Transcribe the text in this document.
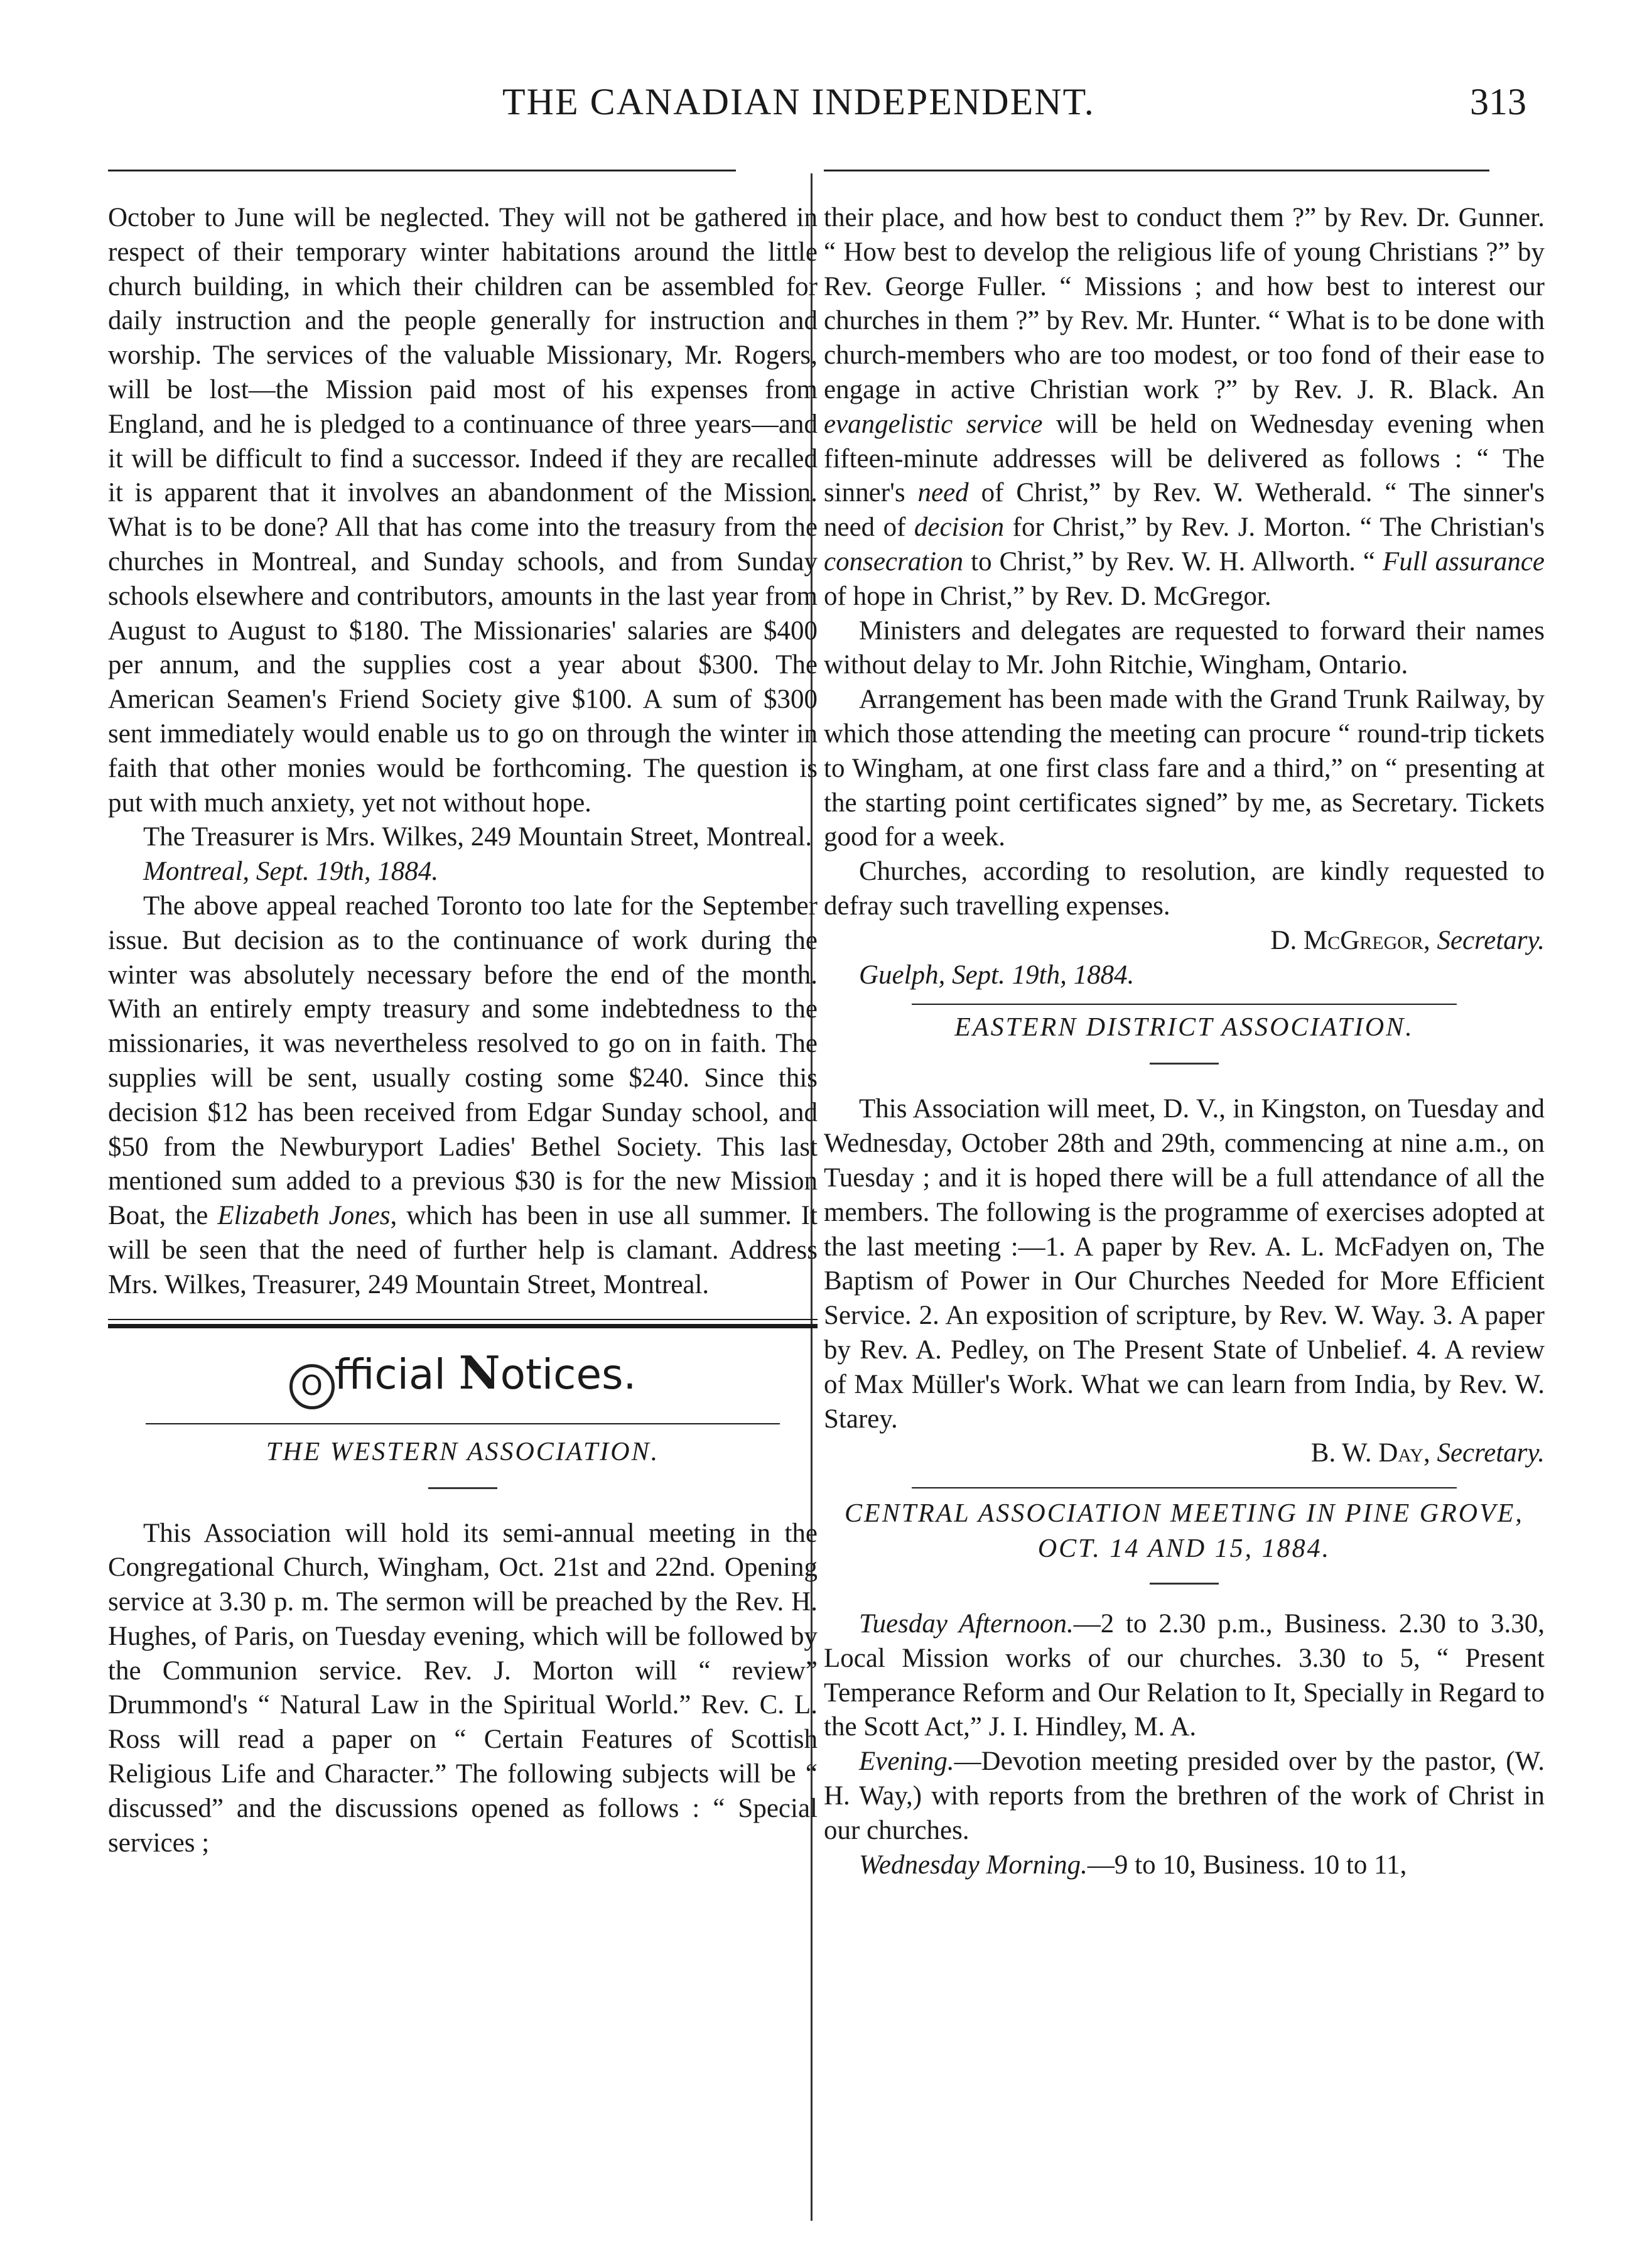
THE CANADIAN INDEPENDENT.	313

October to June will be neglected. They will not be gathered in respect of their temporary winter habitations around the little church building, in which their children can be assembled for daily instruction and the people generally for instruction and worship. The services of the valuable Missionary, Mr. Rogers, will be lost—the Mission paid most of his expenses from England, and he is pledged to a continuance of three years—and it will be difficult to find a successor. Indeed if they are recalled it is apparent that it involves an abandonment of the Mission. What is to be done? All that has come into the treasury from the churches in Montreal, and Sunday schools, and from Sunday schools elsewhere and contributors, amounts in the last year from August to August to $180. The Missionaries' salaries are $400 per annum, and the supplies cost a year about $300. The American Seamen's Friend Society give $100. A sum of $300 sent immediately would enable us to go on through the winter in faith that other monies would be forthcoming. The question is put with much anxiety, yet not without hope.

The Treasurer is Mrs. Wilkes, 249 Mountain Street, Montreal.

Montreal, Sept. 19th, 1884.

The above appeal reached Toronto too late for the September issue. But decision as to the continuance of work during the winter was absolutely necessary before the end of the month. With an entirely empty treasury and some indebtedness to the missionaries, it was nevertheless resolved to go on in faith. The supplies will be sent, usually costing some $240. Since this decision $12 has been received from Edgar Sunday school, and $50 from the Newburyport Ladies' Bethel Society. This last mentioned sum added to a previous $30 is for the new Mission Boat, the Elizabeth Jones, which has been in use all summer. It will be seen that the need of further help is clamant. Address Mrs. Wilkes, Treasurer, 249 Mountain Street, Montreal.

O fficial Notices.

THE WESTERN ASSOCIATION.

This Association will hold its semi-annual meeting in the Congregational Church, Wingham, Oct. 21st and 22nd. Opening service at 3.30 p. m. The sermon will be preached by the Rev. H. Hughes, of Paris, on Tuesday evening, which will be followed by the Communion service. Rev. J. Morton will “ review” Drummond's “ Natural Law in the Spiritual World.” Rev. C. L. Ross will read a paper on “ Certain Features of Scottish Religious Life and Character.” The following subjects will be “ discussed” and the discussions opened as follows : “ Special services ;

their place, and how best to conduct them ?” by Rev. Dr. Gunner. “ How best to develop the religious life of young Christians ?” by Rev. George Fuller. “ Missions ; and how best to interest our churches in them ?” by Rev. Mr. Hunter. “ What is to be done with church-members who are too modest, or too fond of their ease to engage in active Christian work ?” by Rev. J. R. Black. An evangelistic service will be held on Wednesday evening when fifteen-minute addresses will be delivered as follows : “ The sinner's need of Christ,” by Rev. W. Wetherald. “ The sinner's need of decision for Christ,” by Rev. J. Morton. “ The Christian's consecration to Christ,” by Rev. W. H. Allworth. “ Full assurance of hope in Christ,” by Rev. D. McGregor.

Ministers and delegates are requested to forward their names without delay to Mr. John Ritchie, Wingham, Ontario.

Arrangement has been made with the Grand Trunk Railway, by which those attending the meeting can procure “ round-trip tickets to Wingham, at one first class fare and a third,” on “ presenting at the starting point certificates signed” by me, as Secretary. Tickets good for a week.

Churches, according to resolution, are kindly requested to defray such travelling expenses.

D. McGregor, Secretary.

Guelph, Sept. 19th, 1884.

EASTERN DISTRICT ASSOCIATION.

This Association will meet, D. V., in Kingston, on Tuesday and Wednesday, October 28th and 29th, commencing at nine a.m., on Tuesday ; and it is hoped there will be a full attendance of all the members. The following is the programme of exercises adopted at the last meeting :—1. A paper by Rev. A. L. McFadyen on, The Baptism of Power in Our Churches Needed for More Efficient Service. 2. An exposition of scripture, by Rev. W. Way. 3. A paper by Rev. A. Pedley, on The Present State of Unbelief. 4. A review of Max Müller's Work. What we can learn from India, by Rev. W. Starey.

B. W. Day, Secretary.

CENTRAL ASSOCIATION MEETING IN PINE GROVE, OCT. 14 AND 15, 1884.

Tuesday Afternoon.—2 to 2.30 p.m., Business. 2.30 to 3.30, Local Mission works of our churches. 3.30 to 5, “ Present Temperance Reform and Our Relation to It, Specially in Regard to the Scott Act,” J. I. Hindley, M. A.

Evening.—Devotion meeting presided over by the pastor, (W. H. Way,) with reports from the brethren of the work of Christ in our churches.

Wednesday Morning.—9 to 10, Business. 10 to 11,
